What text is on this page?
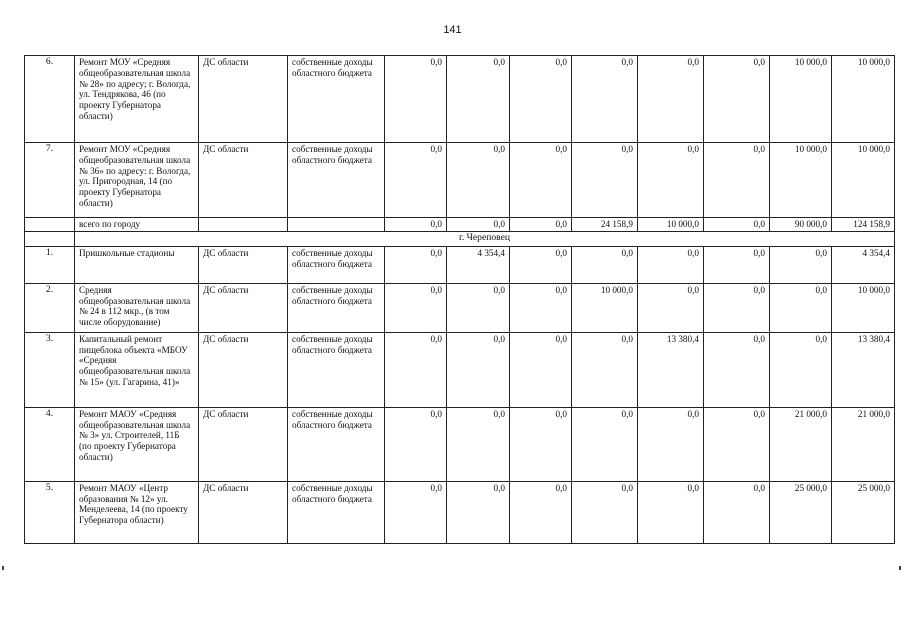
141
6.	Ремонт МОУ «Средняя общеобразовательная школа № 28» по адресу; г. Вологда, ул. Тендрякова, 46 (по проекту Губернатора области)	ДС области	собственные доходы областного бюджета	0,0	0,0	0,0	0,0	0,0	0,0	10 000,0	10 000,0
7.	Ремонт МОУ «Средняя общеобразовательная школа № 36» по адресу: г. Вологда, ул. Пригородная, 14 (по проекту Губернатора области)	ДС области	собственные доходы областного бюджета	0,0	0,0	0,0	0,0	0,0	0,0	10 000,0	10 000,0
	всего по городу			0,0	0,0	0,0	24 158,9	10 000,0	0,0	90 000,0	124 158,9
	г. Череповец										
1.	Пришкольные стадионы	ДС области	собственные доходы областного бюджета	0,0	4 354,4	0,0	0,0	0,0	0,0	0,0	4 354,4
2.	Средняя общеобразовательная школа № 24 в 112 мкр., (в том числе оборудование)	ДС области	собственные доходы областного бюджета	0,0	0,0	0,0	10 000,0	0,0	0,0	0,0	10 000,0
3.	Капитальный ремонт пищеблока объекта «МБОУ «Средняя общеобразовательная школа № 15» (ул. Гагарина, 41)»	ДС области	собственные доходы областного бюджета	0,0	0,0	0,0	0,0	13 380,4	0,0	0,0	13 380,4
4.	Ремонт МАОУ «Средняя общеобразовательная школа № 3» ул. Строителей, 11Б (по проекту Губернатора области)	ДС области	собственные доходы областного бюджета	0,0	0,0	0,0	0,0	0,0	0,0	21 000,0	21 000,0
5.	Ремонт МАОУ «Центр образования № 12» ул. Менделеева, 14 (по проекту Губернатора области)	ДС области	собственные доходы областного бюджета	0,0	0,0	0,0	0,0	0,0	0,0	25 000,0	25 000,0
